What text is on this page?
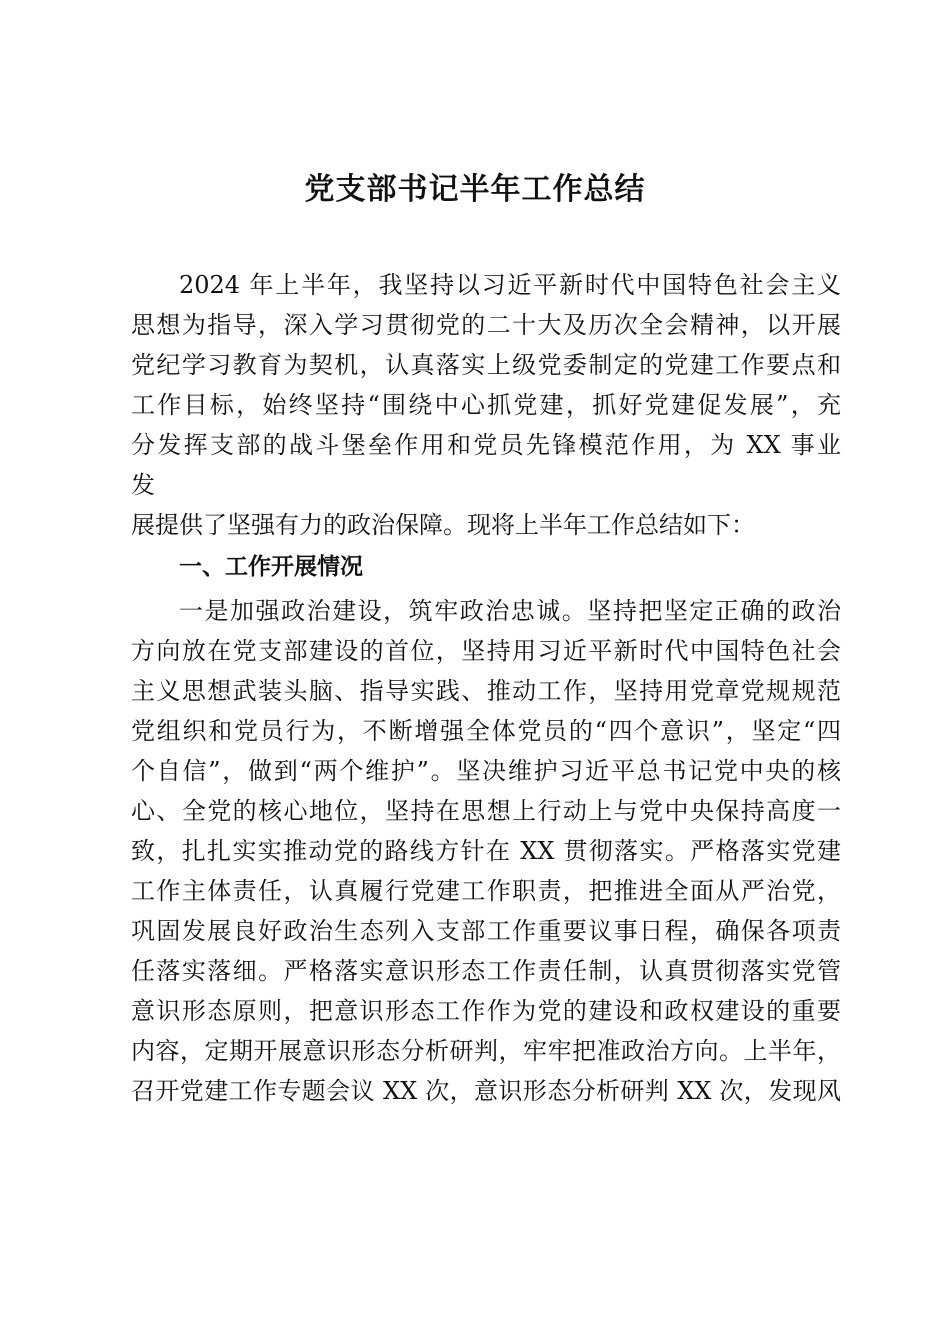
党支部书记半年工作总结
2024 年上半年，我坚持以习近平新时代中国特色社会主义
思想为指导，深入学习贯彻党的二十大及历次全会精神，以开展
党纪学习教育为契机，认真落实上级党委制定的党建工作要点和
工作目标，始终坚持“围绕中心抓党建，抓好党建促发展”，充
分发挥支部的战斗堡垒作用和党员先锋模范作用，为 XX 事业
发
展提供了坚强有力的政治保障。现将上半年工作总结如下：
一、工作开展情况
一是加强政治建设，筑牢政治忠诚。坚持把坚定正确的政治
方向放在党支部建设的首位，坚持用习近平新时代中国特色社会
主义思想武装头脑、指导实践、推动工作，坚持用党章党规规范
党组织和党员行为，不断增强全体党员的“四个意识”，坚定“四
个自信”，做到“两个维护”。坚决维护习近平总书记党中央的核
心、全党的核心地位，坚持在思想上行动上与党中央保持高度一
致，扎扎实实推动党的路线方针在 XX 贯彻落实。严格落实党建
工作主体责任，认真履行党建工作职责，把推进全面从严治党，
巩固发展良好政治生态列入支部工作重要议事日程，确保各项责
任落实落细。严格落实意识形态工作责任制，认真贯彻落实党管
意识形态原则，把意识形态工作作为党的建设和政权建设的重要
内容，定期开展意识形态分析研判，牢牢把准政治方向。上半年，
召开党建工作专题会议 XX 次，意识形态分析研判 XX 次，发现风
